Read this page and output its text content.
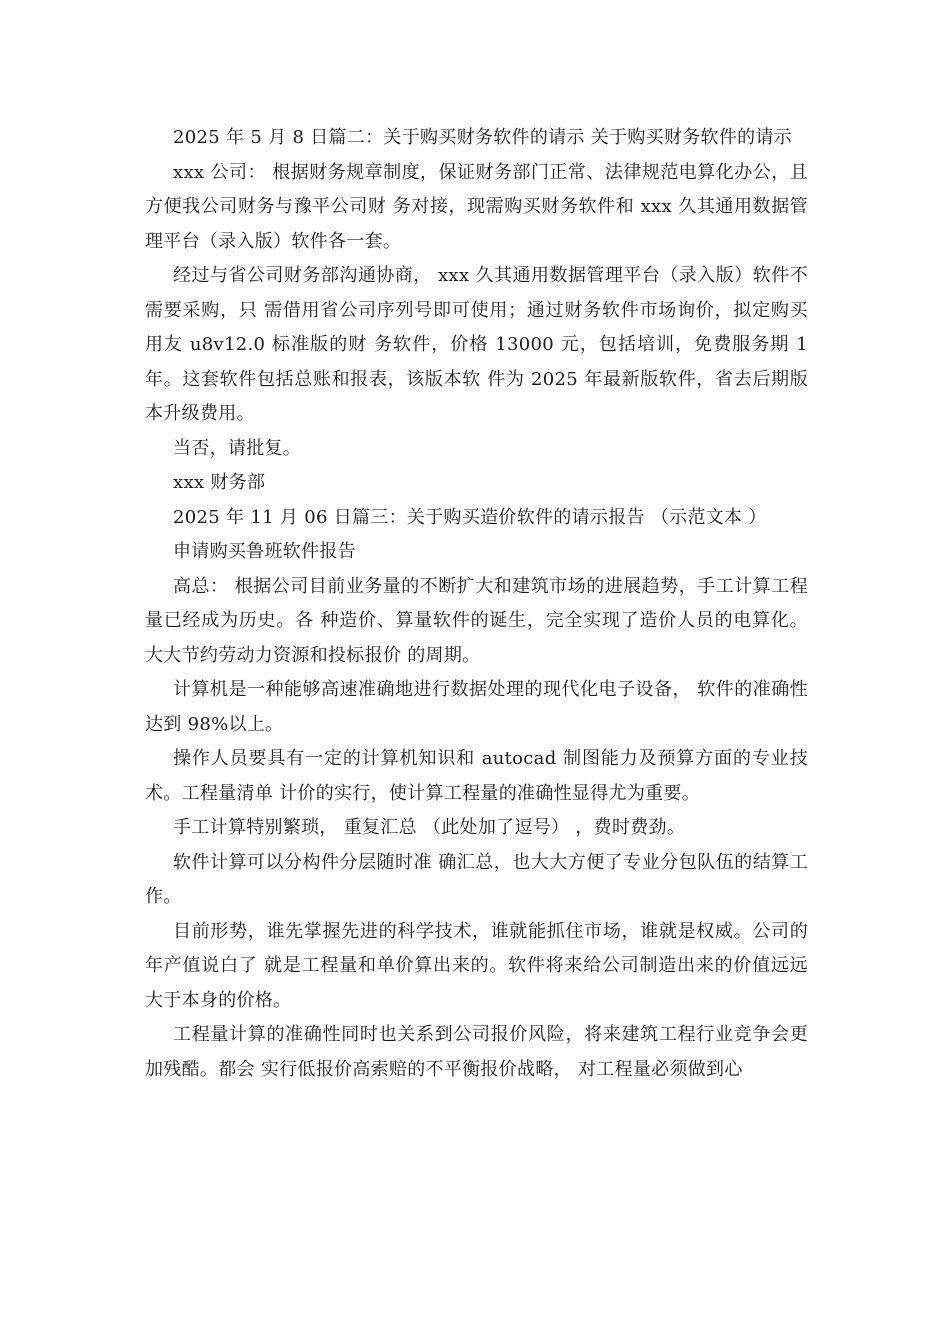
2025 年 5 月 8 日篇二：关于购买财务软件的请示 关于购买财务软件的请示

xxx 公司： 根据财务规章制度，保证财务部门正常、法律规范电算化办公，且方便我公司财务与豫平公司财 务对接，现需购买财务软件和 xxx 久其通用数据管理平台（录入版）软件各一套。

经过与省公司财务部沟通协商， xxx 久其通用数据管理平台（录入版）软件不需要采购，只 需借用省公司序列号即可使用；通过财务软件市场询价，拟定购买用友 u8v12.0 标准版的财 务软件，价格 13000 元，包括培训，免费服务期 1 年。这套软件包括总账和报表，该版本软 件为 2025 年最新版软件，省去后期版本升级费用。

当否，请批复。

xxx 财务部

2025 年 11 月 06 日篇三：关于购买造价软件的请示报告 （示范文本 ）

申请购买鲁班软件报告

高总： 根据公司目前业务量的不断扩大和建筑市场的进展趋势，手工计算工程量已经成为历史。各 种造价、算量软件的诞生，完全实现了造价人员的电算化。大大节约劳动力资源和投标报价 的周期。

计算机是一种能够高速准确地进行数据处理的现代化电子设备， 软件的准确性达到 98%以上。

操作人员要具有一定的计算机知识和 autocad 制图能力及预算方面的专业技术。工程量清单 计价的实行，使计算工程量的准确性显得尤为重要。

手工计算特别繁琐， 重复汇总 （此处加了逗号） ，费时费劲。

软件计算可以分构件分层随时准 确汇总，也大大方便了专业分包队伍的结算工作。

目前形势，谁先掌握先进的科学技术，谁就能抓住市场，谁就是权威。公司的年产值说白了 就是工程量和单价算出来的。软件将来给公司制造出来的价值远远大于本身的价格。

工程量计算的准确性同时也关系到公司报价风险，将来建筑工程行业竞争会更加残酷。都会 实行低报价高索赔的不平衡报价战略， 对工程量必须做到心
